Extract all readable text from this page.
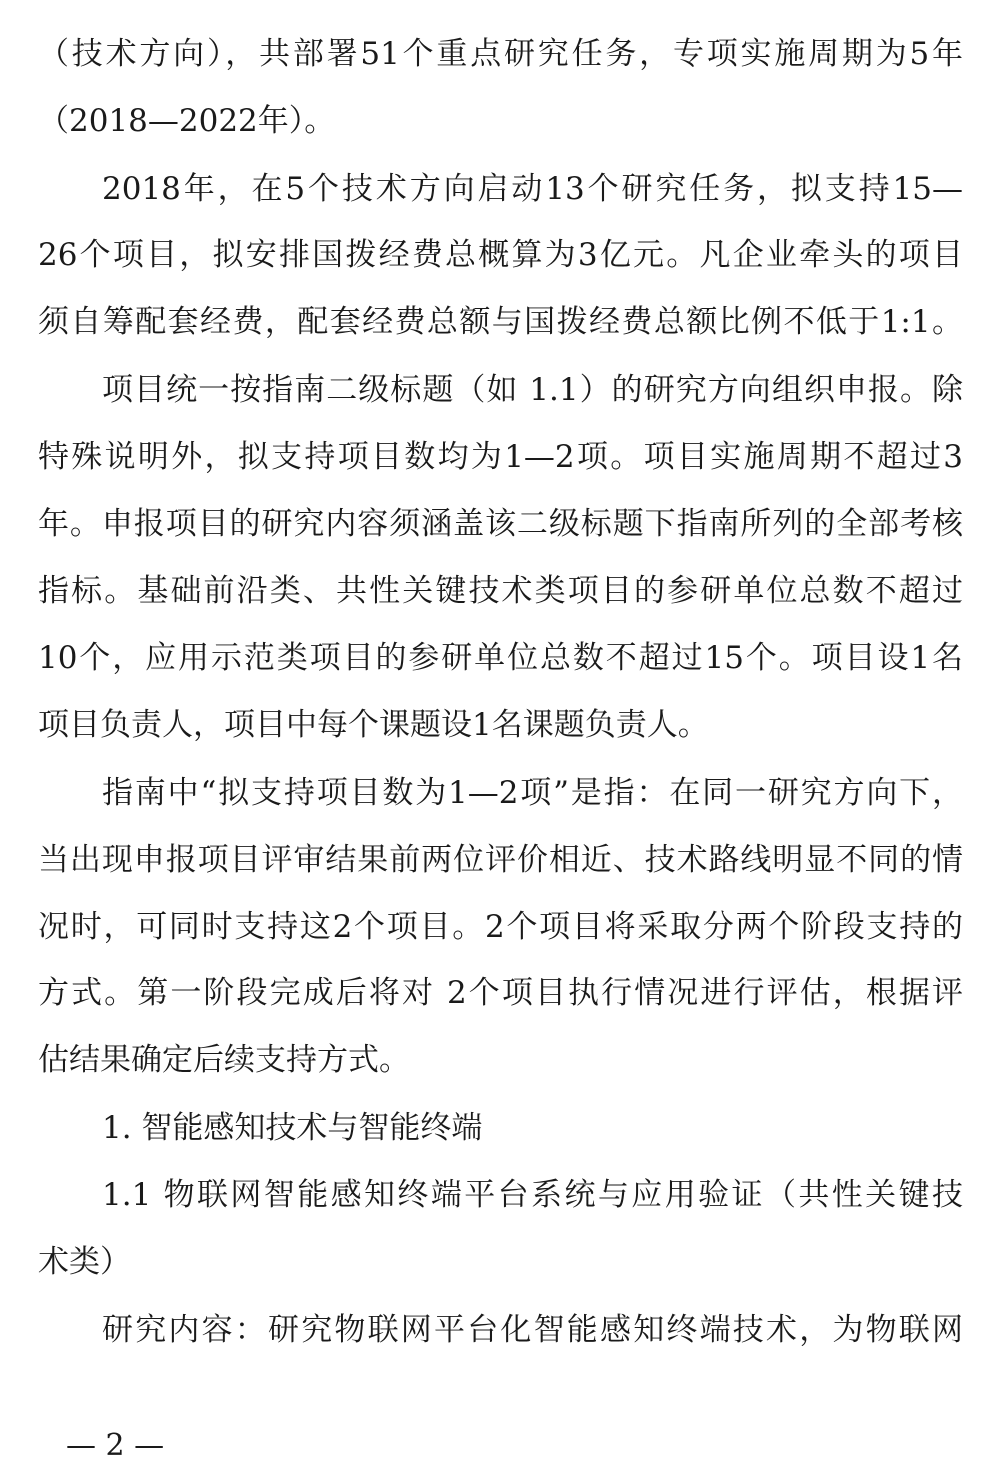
（技术方向），共部署51个重点研究任务，专项实施周期为5年
（2018—2022年）。
2018年，在5个技术方向启动13个研究任务，拟支持15—
26个项目，拟安排国拨经费总概算为3亿元。凡企业牵头的项目
须自筹配套经费，配套经费总额与国拨经费总额比例不低于1:1。
项目统一按指南二级标题（如 1.1）的研究方向组织申报。除
特殊说明外，拟支持项目数均为1—2项。项目实施周期不超过3
年。申报项目的研究内容须涵盖该二级标题下指南所列的全部考核
指标。基础前沿类、共性关键技术类项目的参研单位总数不超过
10个，应用示范类项目的参研单位总数不超过15个。项目设1名
项目负责人，项目中每个课题设1名课题负责人。
指南中“拟支持项目数为1—2项”是指：在同一研究方向下，
当出现申报项目评审结果前两位评价相近、技术路线明显不同的情
况时，可同时支持这2个项目。2个项目将采取分两个阶段支持的
方式。第一阶段完成后将对 2个项目执行情况进行评估，根据评
估结果确定后续支持方式。
1. 智能感知技术与智能终端
1.1 物联网智能感知终端平台系统与应用验证（共性关键技
术类）
研究内容：研究物联网平台化智能感知终端技术，为物联网
— 2 —
